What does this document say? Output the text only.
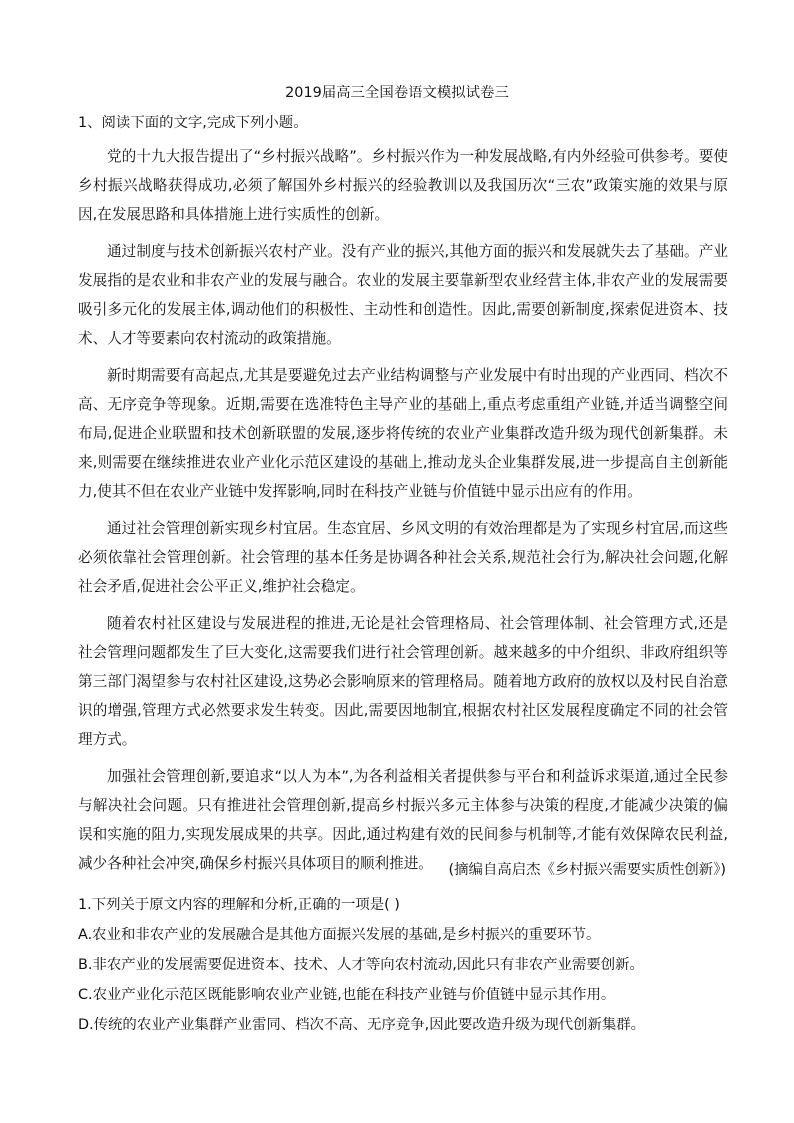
2019届高三全国卷语文模拟试卷三
1、阅读下面的文字,完成下列小题。

党的十九大报告提出了“乡村振兴战略”。乡村振兴作为一种发展战略,有内外经验可供参考。要使乡村振兴战略获得成功,必须了解国外乡村振兴的经验教训以及我国历次“三农”政策实施的效果与原因,在发展思路和具体措施上进行实质性的创新。

通过制度与技术创新振兴农村产业。没有产业的振兴,其他方面的振兴和发展就失去了基础。产业发展指的是农业和非农产业的发展与融合。农业的发展主要靠新型农业经营主体,非农产业的发展需要吸引多元化的发展主体,调动他们的积极性、主动性和创造性。因此,需要创新制度,探索促进资本、技术、人才等要素向农村流动的政策措施。

新时期需要有高起点,尤其是要避免过去产业结构调整与产业发展中有时出现的产业西同、档次不高、无序竞争等现象。近期,需要在选准特色主导产业的基础上,重点考虑重组产业链,并适当调整空间布局,促进企业联盟和技术创新联盟的发展,逐步将传统的农业产业集群改造升级为现代创新集群。未来,则需要在继续推进农业产业化示范区建设的基础上,推动龙头企业集群发展,进一步提高自主创新能力,使其不但在农业产业链中发挥影响,同时在科技产业链与价值链中显示出应有的作用。

通过社会管理创新实现乡村宜居。生态宜居、乡风文明的有效治理都是为了实现乡村宜居,而这些必须依靠社会管理创新。社会管理的基本任务是协调各种社会关系,规范社会行为,解决社会问题,化解社会矛盾,促进社会公平正义,维护社会稳定。

随着农村社区建设与发展进程的推进,无论是社会管理格局、社会管理体制、社会管理方式,还是社会管理问题都发生了巨大变化,这需要我们进行社会管理创新。越来越多的中介组织、非政府组织等第三部门渴望参与农村社区建设,这势必会影响原来的管理格局。随着地方政府的放权以及村民自治意识的增强,管理方式必然要求发生转变。因此,需要因地制宜,根据农村社区发展程度确定不同的社会管理方式。

加强社会管理创新,要追求“以人为本”,为各利益相关者提供参与平台和利益诉求渠道,通过全民参与解决社会问题。只有推进社会管理创新,提高乡村振兴多元主体参与决策的程度,才能减少决策的偏误和实施的阻力,实现发展成果的共享。因此,通过构建有效的民间参与机制等,才能有效保障农民利益,减少各种社会冲突,确保乡村振兴具体项目的顺利推进。	(摘编自高启杰《乡村振兴需要实质性创新》)
1.下列关于原文内容的理解和分析,正确的一项是( )
A.农业和非农产业的发展融合是其他方面振兴发展的基础,是乡村振兴的重要环节。
B.非农产业的发展需要促进资本、技术、人才等向农村流动,因此只有非农产业需要创新。
C.农业产业化示范区既能影响农业产业链,也能在科技产业链与价值链中显示其作用。
D.传统的农业产业集群产业雷同、档次不高、无序竞争,因此要改造升级为现代创新集群。
